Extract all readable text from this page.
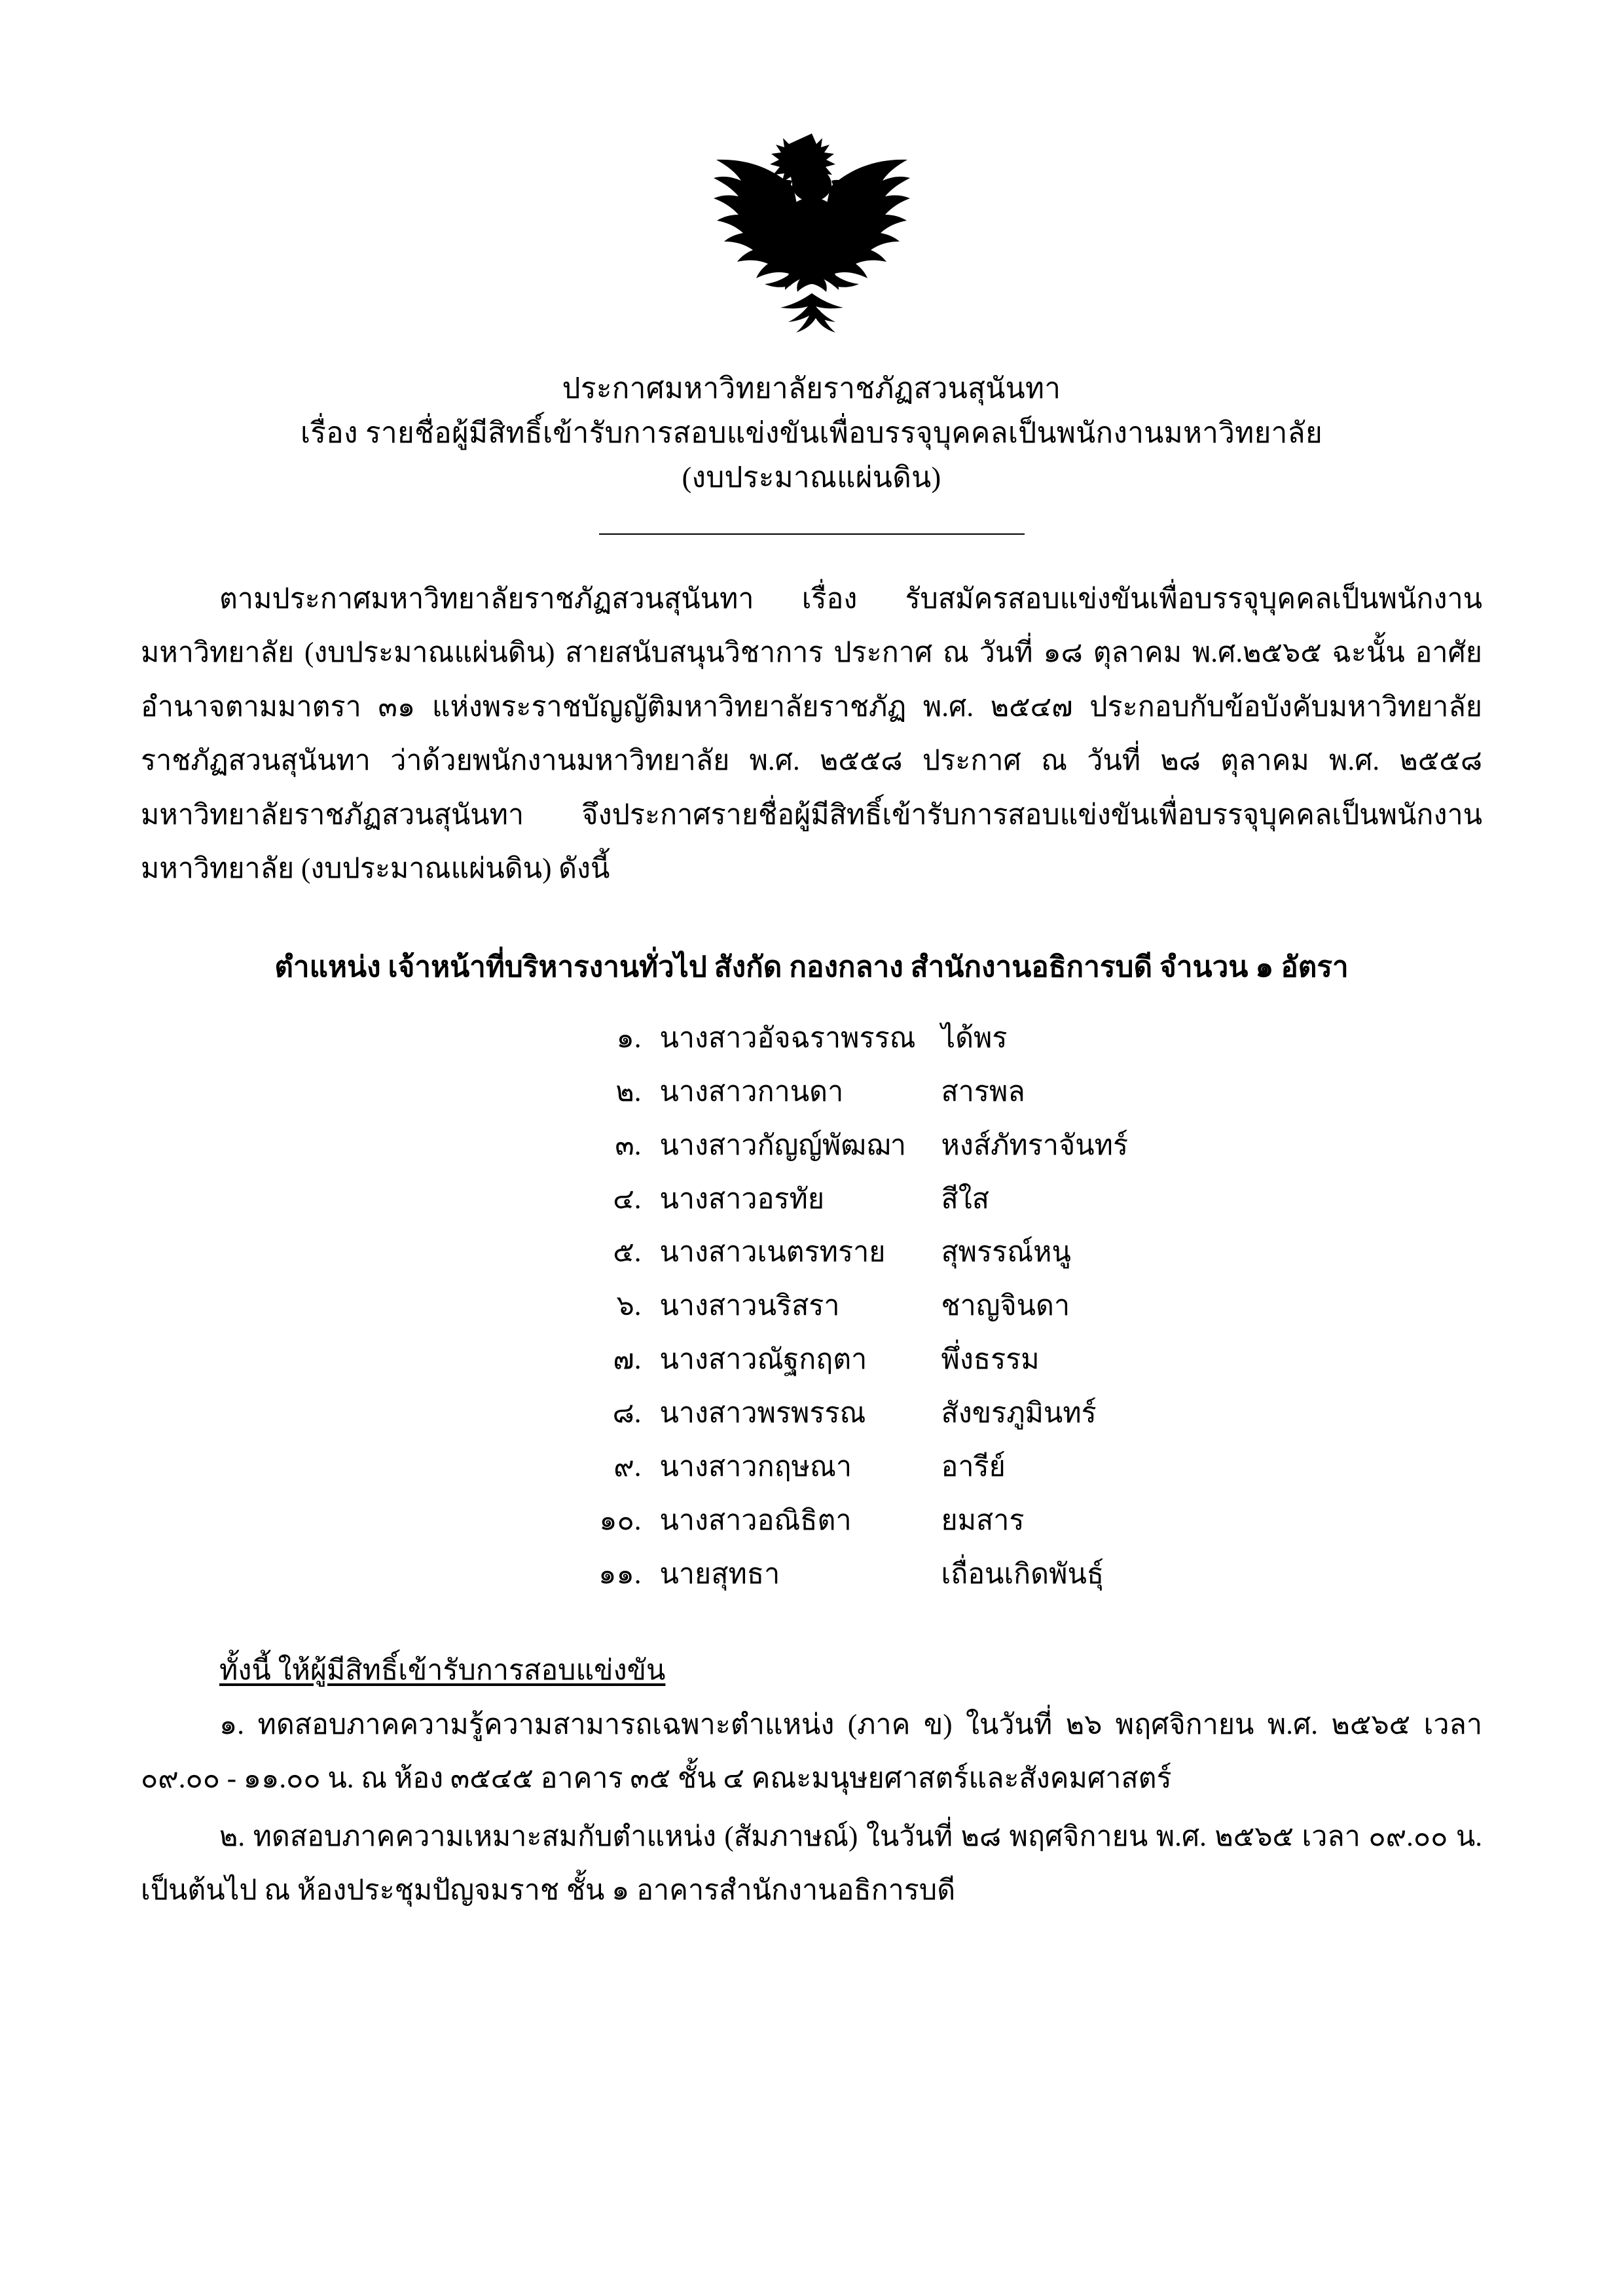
ประกาศมหาวิทยาลัยราชภัฏสวนสุนันทา
เรื่อง รายชื่อผู้มีสิทธิ์เข้ารับการสอบแข่งขันเพื่อบรรจุบุคคลเป็นพนักงานมหาวิทยาลัย
(งบประมาณแผ่นดิน)

ตามประกาศมหาวิทยาลัยราชภัฏสวนสุนันทา เรื่อง รับสมัครสอบแข่งขันเพื่อบรรจุบุคคลเป็นพนักงานมหาวิทยาลัย (งบประมาณแผ่นดิน) สายสนับสนุนวิชาการ ประกาศ ณ วันที่ ๑๘ ตุลาคม พ.ศ.๒๕๖๕ ฉะนั้น อาศัยอำนาจตามมาตรา ๓๑ แห่งพระราชบัญญัติมหาวิทยาลัยราชภัฏ พ.ศ. ๒๕๔๗ ประกอบกับข้อบังคับมหาวิทยาลัยราชภัฏสวนสุนันทา ว่าด้วยพนักงานมหาวิทยาลัย พ.ศ. ๒๕๕๘ ประกาศ ณ วันที่ ๒๘ ตุลาคม พ.ศ. ๒๕๕๘ มหาวิทยาลัยราชภัฏสวนสุนันทา จึงประกาศรายชื่อผู้มีสิทธิ์เข้ารับการสอบแข่งขันเพื่อบรรจุบุคคลเป็นพนักงานมหาวิทยาลัย (งบประมาณแผ่นดิน) ดังนี้

ตำแหน่ง เจ้าหน้าที่บริหารงานทั่วไป สังกัด กองกลาง สำนักงานอธิการบดี จำนวน ๑ อัตรา
๑.	นางสาวอัจฉราพรรณ	ได้พร
๒.	นางสาวกานดา	สารพล
๓.	นางสาวกัญญ์พัฒฌา	หงส์ภัทราจันทร์
๔.	นางสาวอรทัย	สีใส
๕.	นางสาวเนตรทราย	สุพรรณ์หนู
๖.	นางสาวนริสรา	ชาญจินดา
๗.	นางสาวณัฐกฤตา	พึ่งธรรม
๘.	นางสาวพรพรรณ	สังขรภูมินทร์
๙.	นางสาวกฤษณา	อารีย์
๑๐.	นางสาวอณิธิตา	ยมสาร
๑๑.	นายสุทธา	เถื่อนเกิดพันธุ์
ทั้งนี้ ให้ผู้มีสิทธิ์เข้ารับการสอบแข่งขัน

๑. ทดสอบภาคความรู้ความสามารถเฉพาะตำแหน่ง (ภาค ข) ในวันที่ ๒๖ พฤศจิกายน พ.ศ. ๒๕๖๕ เวลา ๐๙.๐๐ - ๑๑.๐๐ น. ณ ห้อง ๓๕๔๕ อาคาร ๓๕ ชั้น ๔ คณะมนุษยศาสตร์และสังคมศาสตร์

๒. ทดสอบภาคความเหมาะสมกับตำแหน่ง (สัมภาษณ์) ในวันที่ ๒๘ พฤศจิกายน พ.ศ. ๒๕๖๕ เวลา ๐๙.๐๐ น. เป็นต้นไป ณ ห้องประชุมปัญจมราช ชั้น ๑ อาคารสำนักงานอธิการบดี
